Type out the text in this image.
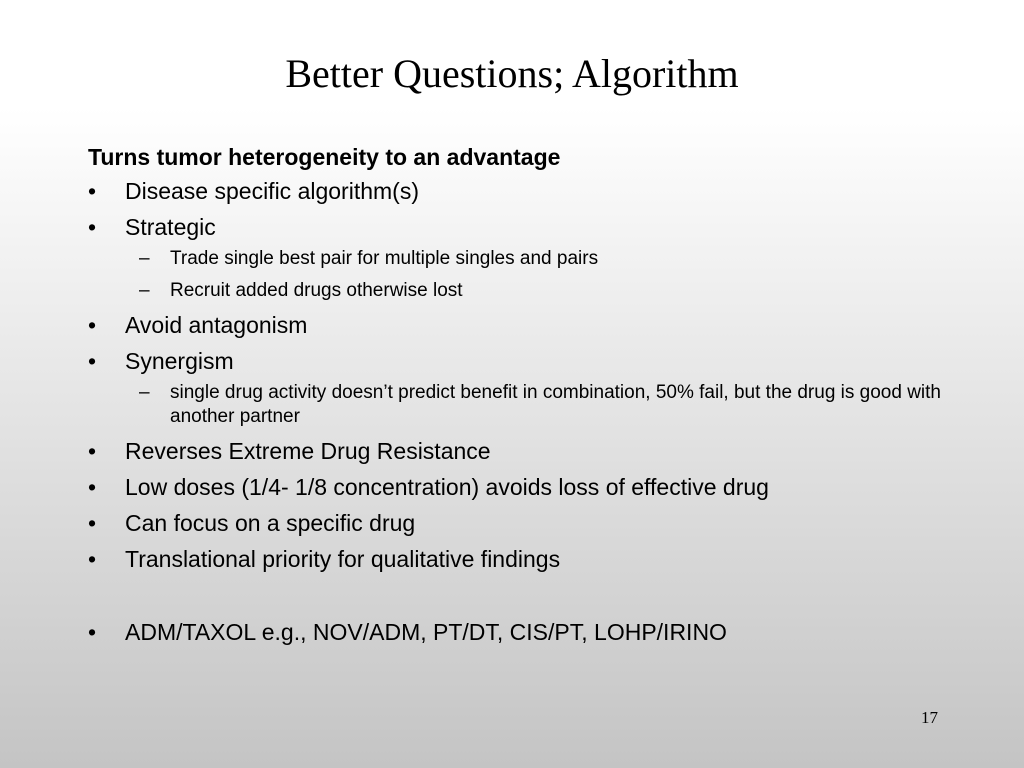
Better Questions; Algorithm
Turns tumor heterogeneity to an advantage
•	Disease specific algorithm(s)
•	Strategic
– Trade single best pair for multiple singles and pairs
– Recruit added drugs otherwise lost
•	Avoid antagonism
•	Synergism
– single drug activity doesn’t predict benefit in combination, 50% fail, but the drug is good with another partner
•	Reverses Extreme Drug Resistance
•	Low doses (1/4- 1/8 concentration) avoids loss of effective drug
•	Can focus on a specific drug
•	Translational priority for qualitative findings
•	ADM/TAXOL e.g., NOV/ADM, PT/DT, CIS/PT, LOHP/IRINO
17
